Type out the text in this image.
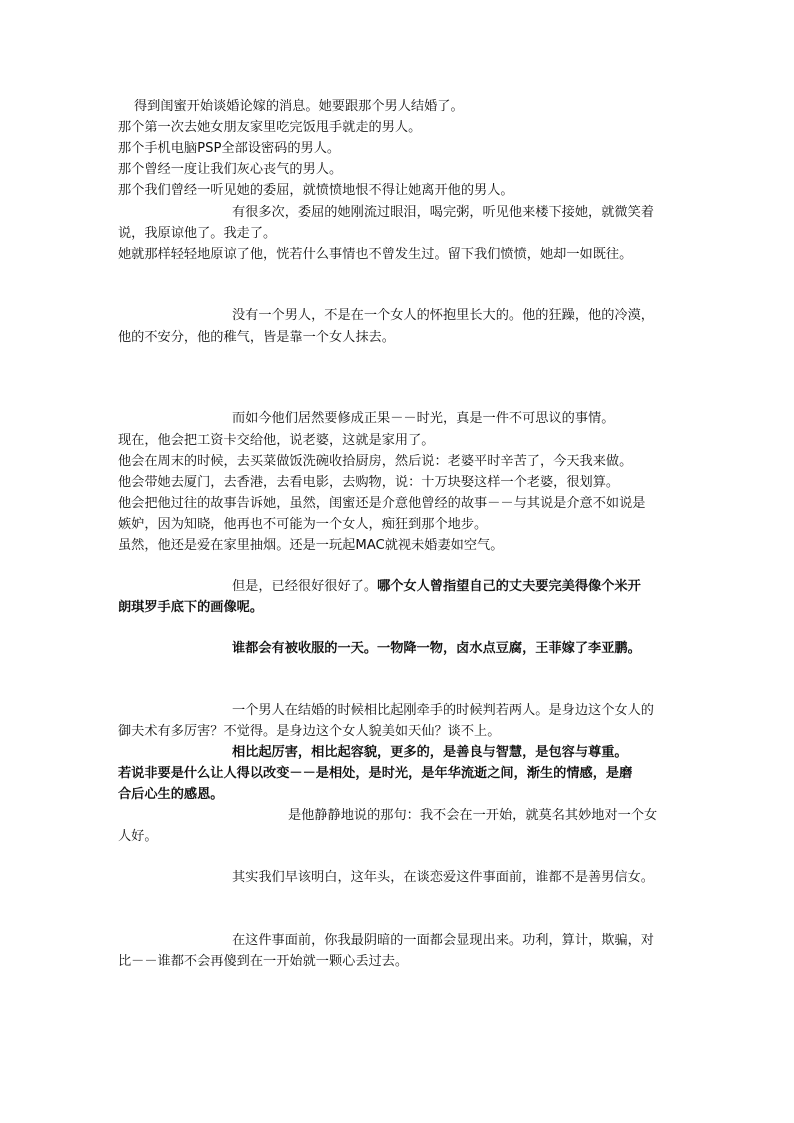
得到闺蜜开始谈婚论嫁的消息。她要跟那个男人结婚了。
那个第一次去她女朋友家里吃完饭甩手就走的男人。
那个手机电脑PSP全部设密码的男人。
那个曾经一度让我们灰心丧气的男人。
那个我们曾经一听见她的委屈，就愤愤地恨不得让她离开他的男人。
有很多次，委屈的她刚流过眼泪，喝完粥，听见他来楼下接她，就微笑着
说，我原谅他了。我走了。
她就那样轻轻地原谅了他，恍若什么事情也不曾发生过。留下我们愤愤，她却一如既往。
没有一个男人，不是在一个女人的怀抱里长大的。他的狂躁，他的冷漠，
他的不安分，他的稚气，皆是靠一个女人抹去。
而如今他们居然要修成正果－－时光，真是一件不可思议的事情。
现在，他会把工资卡交给他，说老婆，这就是家用了。
他会在周末的时候，去买菜做饭洗碗收拾厨房，然后说：老婆平时辛苦了，今天我来做。
他会带她去厦门，去香港，去看电影，去购物，说：十万块娶这样一个老婆，很划算。
他会把他过往的故事告诉她，虽然，闺蜜还是介意他曾经的故事－－与其说是介意不如说是
嫉妒，因为知晓，他再也不可能为一个女人，痴狂到那个地步。
虽然，他还是爱在家里抽烟。还是一玩起MAC就视未婚妻如空气。
但是，已经很好很好了。哪个女人曾指望自己的丈夫要完美得像个米开
朗琪罗手底下的画像呢。
谁都会有被收服的一天。一物降一物，卤水点豆腐，王菲嫁了李亚鹏。
一个男人在结婚的时候相比起刚牵手的时候判若两人。是身边这个女人的
御夫术有多厉害？不觉得。是身边这个女人貌美如天仙？谈不上。
相比起厉害，相比起容貌，更多的，是善良与智慧，是包容与尊重。
若说非要是什么让人得以改变－－是相处，是时光，是年华流逝之间，渐生的情感，是磨
合后心生的感恩。
是他静静地说的那句：我不会在一开始，就莫名其妙地对一个女
人好。
其实我们早该明白，这年头，在谈恋爱这件事面前，谁都不是善男信女。
在这件事面前，你我最阴暗的一面都会显现出来。功利，算计，欺骗，对
比－－谁都不会再傻到在一开始就一颗心丢过去。
